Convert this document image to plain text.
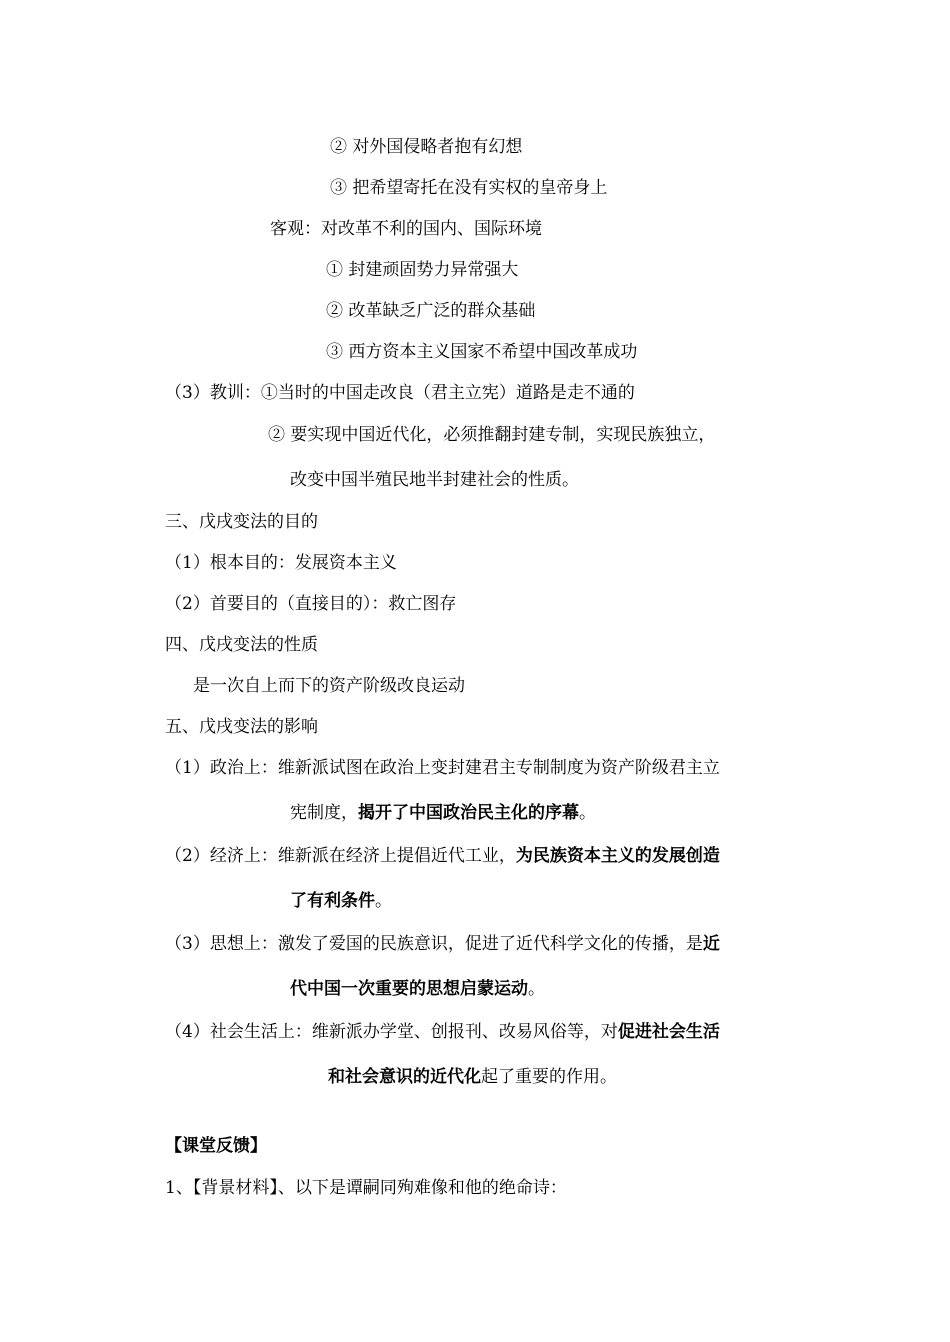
② 对外国侵略者抱有幻想
③ 把希望寄托在没有实权的皇帝身上
客观：对改革不利的国内、国际环境
① 封建顽固势力异常强大
② 改革缺乏广泛的群众基础
③ 西方资本主义国家不希望中国改革成功
（3）教训：①当时的中国走改良（君主立宪）道路是走不通的
② 要实现中国近代化，必须推翻封建专制，实现民族独立，
改变中国半殖民地半封建社会的性质。
三、戊戌变法的目的
（1）根本目的：发展资本主义
（2）首要目的（直接目的）：救亡图存
四、戊戌变法的性质
是一次自上而下的资产阶级改良运动
五、戊戌变法的影响
（1）政治上：维新派试图在政治上变封建君主专制制度为资产阶级君主立
宪制度，揭开了中国政治民主化的序幕。
（2）经济上：维新派在经济上提倡近代工业，为民族资本主义的发展创造
了有利条件。
（3）思想上：激发了爱国的民族意识，促进了近代科学文化的传播，是近
代中国一次重要的思想启蒙运动。
（4）社会生活上：维新派办学堂、创报刊、改易风俗等，对促进社会生活
和社会意识的近代化起了重要的作用。
【课堂反馈】
1、【背景材料】、以下是谭嗣同殉难像和他的绝命诗：
